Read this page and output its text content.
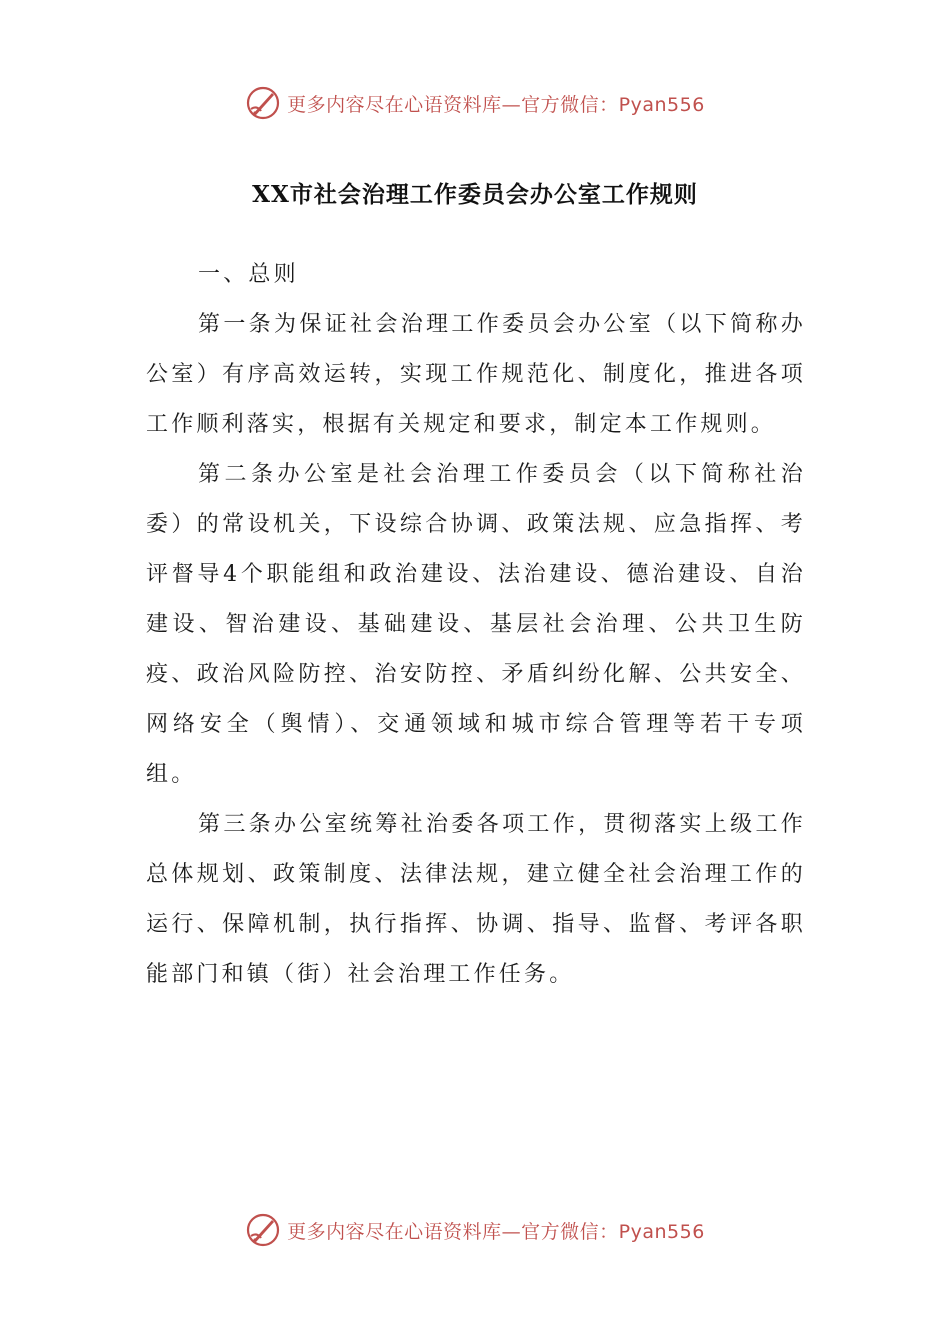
更多内容尽在心语资料库—官方微信：Pyan556
XX市社会治理工作委员会办公室工作规则

一、总则

第一条为保证社会治理工作委员会办公室（以下简称办公室）有序高效运转，实现工作规范化、制度化，推进各项工作顺利落实，根据有关规定和要求，制定本工作规则。

第二条办公室是社会治理工作委员会（以下简称社治委）的常设机关，下设综合协调、政策法规、应急指挥、考评督导4个职能组和政治建设、法治建设、德治建设、自治建设、智治建设、基础建设、基层社会治理、公共卫生防疫、政治风险防控、治安防控、矛盾纠纷化解、公共安全、网络安全（舆情）、交通领域和城市综合管理等若干专项组。

第三条办公室统筹社治委各项工作，贯彻落实上级工作总体规划、政策制度、法律法规，建立健全社会治理工作的运行、保障机制，执行指挥、协调、指导、监督、考评各职能部门和镇（街）社会治理工作任务。

更多内容尽在心语资料库—官方微信：Pyan556
